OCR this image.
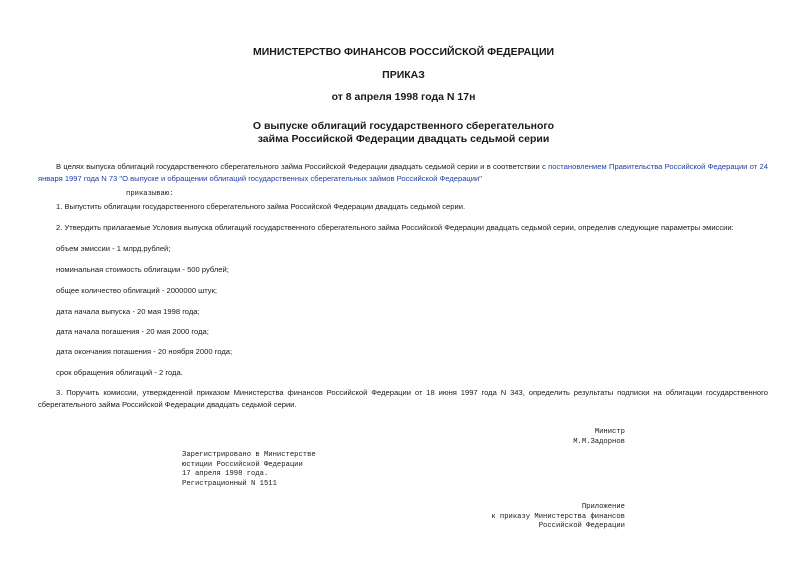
МИНИСТЕРСТВО ФИНАНСОВ РОССИЙСКОЙ ФЕДЕРАЦИИ
ПРИКАЗ
от 8 апреля 1998 года N 17н
О выпуске облигаций государственного сберегательного
займа Российской Федерации двадцать седьмой серии

В целях выпуска облигаций государственного сберегательного займа Российской Федерации двадцать седьмой серии и в соответствии с постановлением Правительства Российской Федерации от 24 января 1997 года N 73 "О выпуске и обращении облигаций государственных сберегательных займов Российской Федерации"

приказываю:

1. Выпустить облигации государственного сберегательного займа Российской Федерации двадцать седьмой серии.

2. Утвердить прилагаемые Условия выпуска облигаций государственного сберегательного займа Российской Федерации двадцать седьмой серии, определив следующие параметры эмиссии:

объем эмиссии - 1 млрд.рублей;

номинальная стоимость облигации - 500 рублей;

общее количество облигаций - 2000000 штук;

дата начала выпуска - 20 мая 1998 года;

дата начала погашения - 20 мая 2000 года;

дата окончания погашения - 20 ноября 2000 года;

срок обращения облигаций - 2 года.

3. Поручить комиссии, утвержденной приказом Министерства финансов Российской Федерации от 18 июня 1997 года N 343, определить результаты подписки на облигации государственного сберегательного займа Российской Федерации двадцать седьмой серии.

Министр
М.М.Задорнов
Зарегистрировано в Министерстве
юстиции Российской Федерации
17 апреля 1998 года.
Регистрационный N 1511
Приложение
к приказу Министерства финансов
Российской Федерации
